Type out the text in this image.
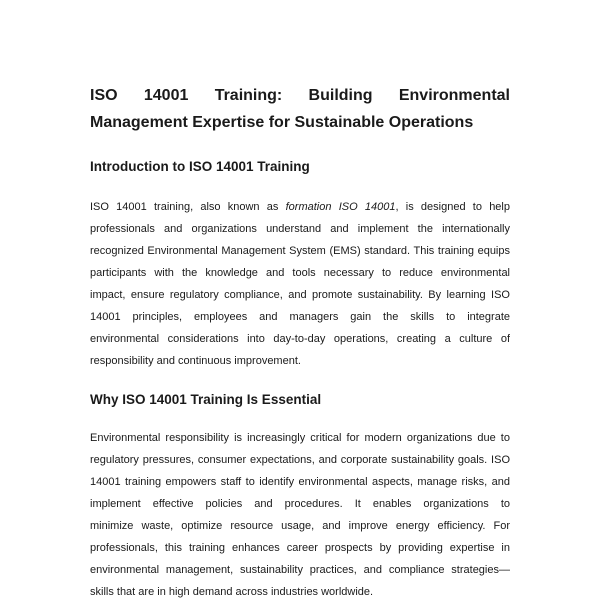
ISO 14001 Training: Building Environmental
Management Expertise for Sustainable Operations
Introduction to ISO 14001 Training
ISO 14001 training, also known as formation ISO 14001, is designed to help
professionals and organizations understand and implement the internationally
recognized Environmental Management System (EMS) standard. This training equips
participants with the knowledge and tools necessary to reduce environmental
impact, ensure regulatory compliance, and promote sustainability. By learning ISO
14001 principles, employees and managers gain the skills to integrate
environmental considerations into day-to-day operations, creating a culture of
responsibility and continuous improvement.
Why ISO 14001 Training Is Essential
Environmental responsibility is increasingly critical for modern organizations due to
regulatory pressures, consumer expectations, and corporate sustainability goals. ISO
14001 training empowers staff to identify environmental aspects, manage risks, and
implement effective policies and procedures. It enables organizations to
minimize waste, optimize resource usage, and improve energy efficiency. For
professionals, this training enhances career prospects by providing expertise in
environmental management, sustainability practices, and compliance strategies—
skills that are in high demand across industries worldwide.
